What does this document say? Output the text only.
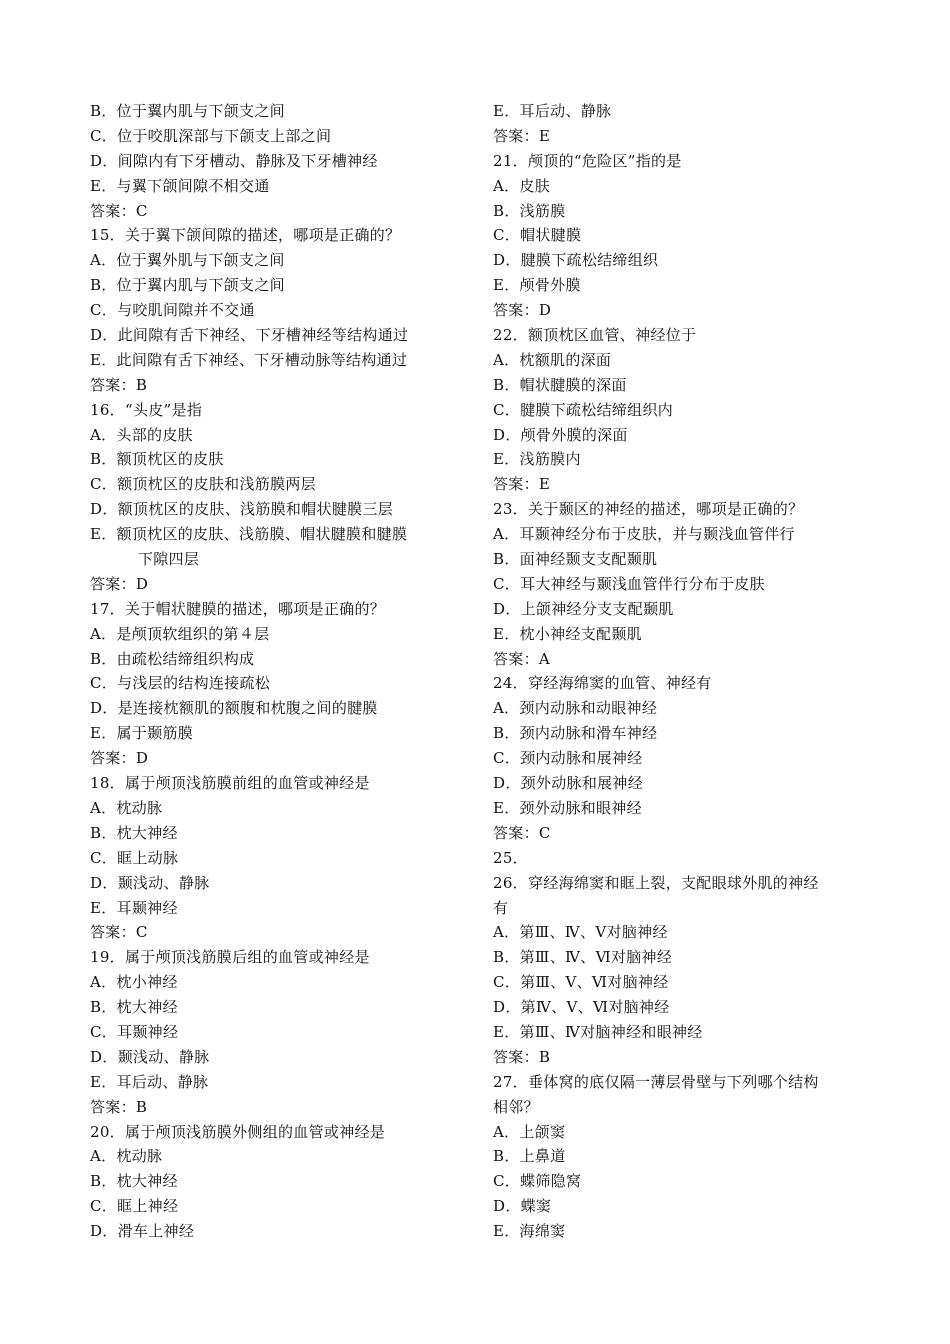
B．位于翼内肌与下颌支之间
C．位于咬肌深部与下颌支上部之间
D．间隙内有下牙槽动、静脉及下牙槽神经
E．与翼下颌间隙不相交通
答案：C
15．关于翼下颌间隙的描述，哪项是正确的？
A．位于翼外肌与下颌支之间
B．位于翼内肌与下颌支之间
C．与咬肌间隙并不交通
D．此间隙有舌下神经、下牙槽神经等结构通过
E．此间隙有舌下神经、下牙槽动脉等结构通过
答案：B
16．“头皮”是指
A．头部的皮肤
B．额顶枕区的皮肤
C．额顶枕区的皮肤和浅筋膜两层
D．额顶枕区的皮肤、浅筋膜和帽状腱膜三层
E．额顶枕区的皮肤、浅筋膜、帽状腱膜和腱膜
下隙四层
答案：D
17．关于帽状腱膜的描述，哪项是正确的？
A．是颅顶软组织的第４层
B．由疏松结缔组织构成
C．与浅层的结构连接疏松
D．是连接枕额肌的额腹和枕腹之间的腱膜
E．属于颞筋膜
答案：D
18．属于颅顶浅筋膜前组的血管或神经是
A．枕动脉
B．枕大神经
C．眶上动脉
D．颞浅动、静脉
E．耳颞神经
答案：C
19．属于颅顶浅筋膜后组的血管或神经是
A．枕小神经
B．枕大神经
C．耳颞神经
D．颞浅动、静脉
E．耳后动、静脉
答案：B
20．属于颅顶浅筋膜外侧组的血管或神经是
A．枕动脉
B．枕大神经
C．眶上神经
D．滑车上神经
E．耳后动、静脉
答案：E
21．颅顶的“危险区”指的是
A．皮肤
B．浅筋膜
C．帽状腱膜
D．腱膜下疏松结缔组织
E．颅骨外膜
答案：D
22．额顶枕区血管、神经位于
A．枕额肌的深面
B．帽状腱膜的深面
C．腱膜下疏松结缔组织内
D．颅骨外膜的深面
E．浅筋膜内
答案：E
23．关于颞区的神经的描述，哪项是正确的？
A．耳颞神经分布于皮肤，并与颞浅血管伴行
B．面神经颞支支配颞肌
C．耳大神经与颞浅血管伴行分布于皮肤
D．上颌神经分支支配颞肌
E．枕小神经支配颞肌
答案：A
24．穿经海绵窦的血管、神经有
A．颈内动脉和动眼神经
B．颈内动脉和滑车神经
C．颈内动脉和展神经
D．颈外动脉和展神经
E．颈外动脉和眼神经
答案：C
25．
26．穿经海绵窦和眶上裂，支配眼球外肌的神经
有
A．第Ⅲ、Ⅳ、Ⅴ对脑神经
B．第Ⅲ、Ⅳ、Ⅵ对脑神经
C．第Ⅲ、Ⅴ、Ⅵ对脑神经
D．第Ⅳ、Ⅴ、Ⅵ对脑神经
E．第Ⅲ、Ⅳ对脑神经和眼神经
答案：B
27．垂体窝的底仅隔一薄层骨壁与下列哪个结构
相邻？
A．上颌窦
B．上鼻道
C．蝶筛隐窝
D．蝶窦
E．海绵窦
